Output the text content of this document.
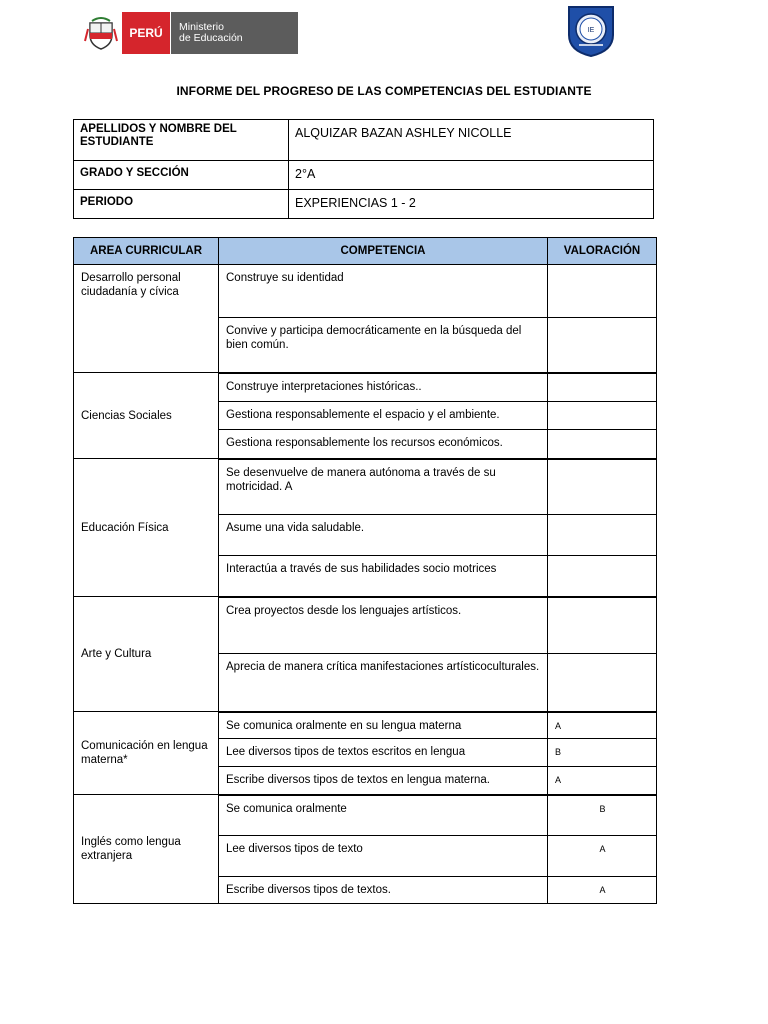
PERÚ	Ministerio
de Educación
IE
INFORME DEL PROGRESO DE LAS COMPETENCIAS DEL ESTUDIANTE
APELLIDOS Y NOMBRE DEL ESTUDIANTE	ALQUIZAR BAZAN ASHLEY NICOLLE
GRADO Y SECCIÓN	2°A
PERIODO	EXPERIENCIAS 1 - 2
AREA CURRICULAR	COMPETENCIA	VALORACIÓN
Desarrollo personal ciudadanía y cívica	Construye su identidad	
	Convive y participa democráticamente en la búsqueda del bien común.	
Ciencias Sociales	Construye interpretaciones históricas..	
	Gestiona responsablemente el espacio y el ambiente.	
	Gestiona responsablemente los recursos económicos.	
Educación Física	Se desenvuelve de manera autónoma a través de su motricidad. A	
	Asume una vida saludable.	
	Interactúa a través de sus habilidades socio motrices	
Arte y Cultura	Crea proyectos desde los lenguajes artísticos.	
	Aprecia de manera crítica manifestaciones artísticoculturales.	
Comunicación en lengua materna*	Se comunica oralmente en su lengua materna	A
	Lee diversos tipos de textos escritos en lengua	B
	Escribe diversos tipos de textos en lengua materna.	A
Inglés como lengua extranjera	Se comunica oralmente	B
	Lee diversos tipos de texto	A
	Escribe diversos tipos de textos.	A
